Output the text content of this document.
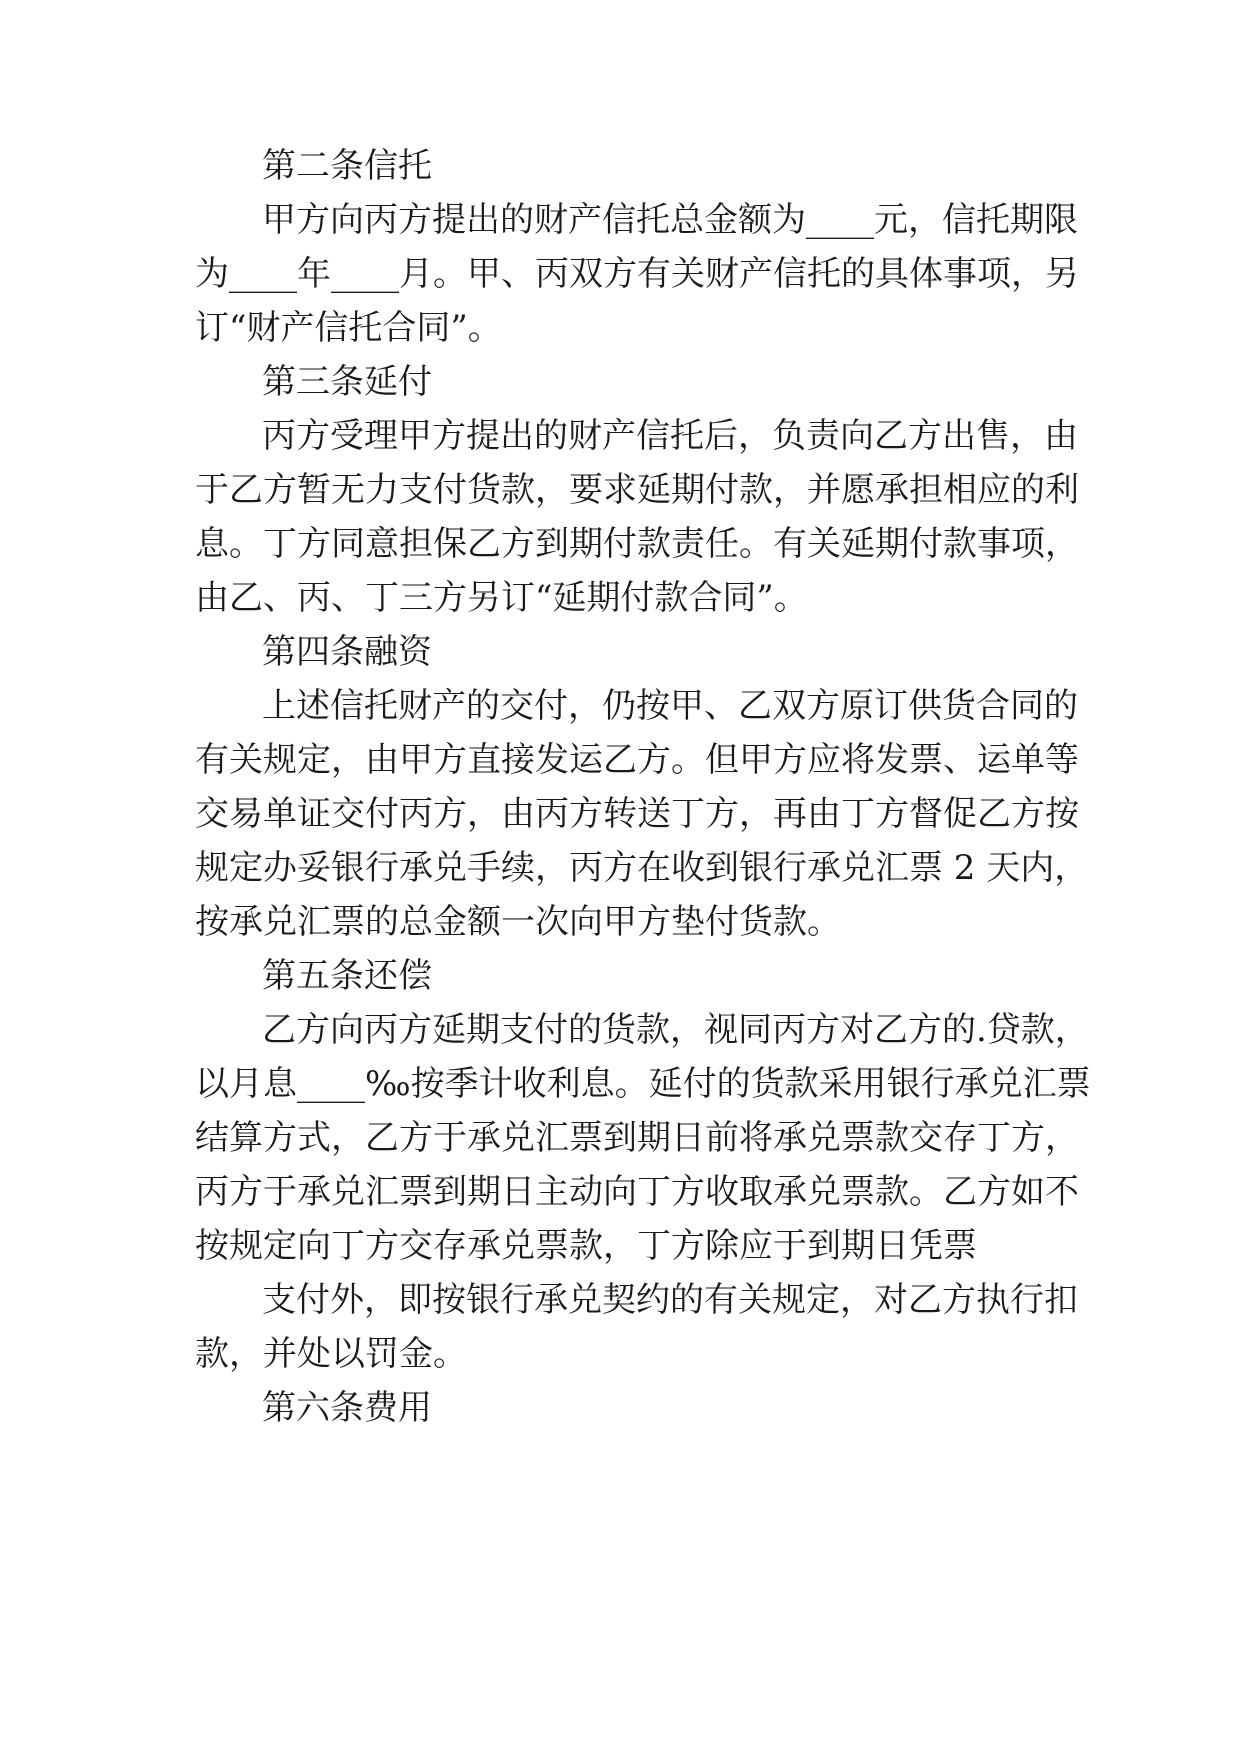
第二条信托
甲方向丙方提出的财产信托总金额为____元，信托期限
为____年____月。甲、丙双方有关财产信托的具体事项，另
订“财产信托合同”。
第三条延付
丙方受理甲方提出的财产信托后，负责向乙方出售，由
于乙方暂无力支付货款，要求延期付款，并愿承担相应的利
息。丁方同意担保乙方到期付款责任。有关延期付款事项，
由乙、丙、丁三方另订“延期付款合同”。
第四条融资
上述信托财产的交付，仍按甲、乙双方原订供货合同的
有关规定，由甲方直接发运乙方。但甲方应将发票、运单等
交易单证交付丙方，由丙方转送丁方，再由丁方督促乙方按
规定办妥银行承兑手续，丙方在收到银行承兑汇票 2 天内，
按承兑汇票的总金额一次向甲方垫付货款。
第五条还偿
乙方向丙方延期支付的货款，视同丙方对乙方的.贷款，
以月息____‰按季计收利息。延付的货款采用银行承兑汇票
结算方式，乙方于承兑汇票到期日前将承兑票款交存丁方，
丙方于承兑汇票到期日主动向丁方收取承兑票款。乙方如不
按规定向丁方交存承兑票款，丁方除应于到期日凭票
支付外，即按银行承兑契约的有关规定，对乙方执行扣
款，并处以罚金。
第六条费用
